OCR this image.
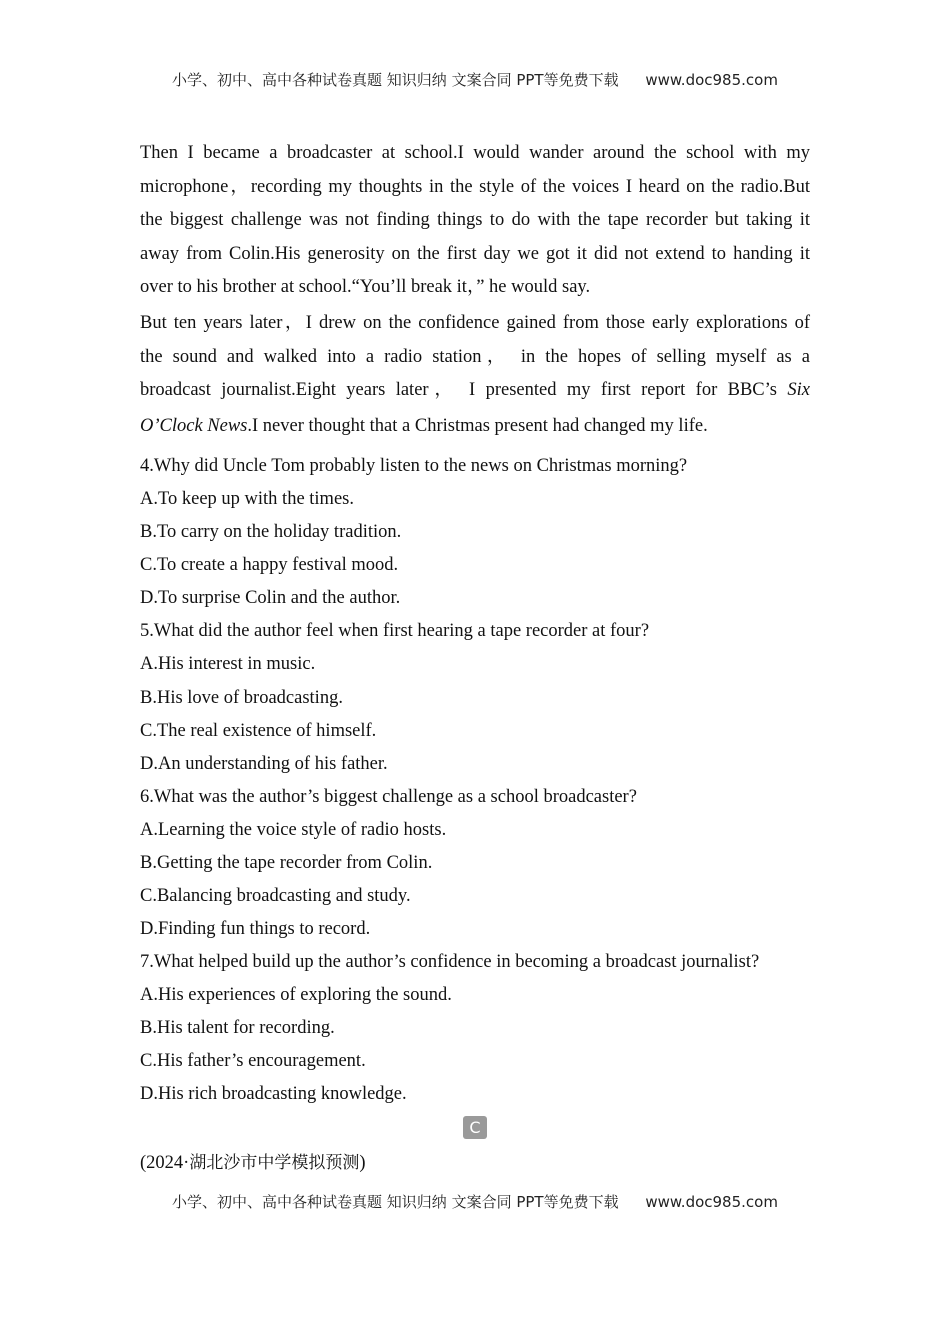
小学、初中、高中各种试卷真题 知识归纳 文案合同 PPT等免费下载 www.doc985.com
Then I became a broadcaster at school.I would wander around the school with my
microphone，recording my thoughts in the style of the voices I heard on the radio.But
the biggest challenge was not finding things to do with the tape recorder but taking it
away from Colin.His generosity on the first day we got it did not extend to handing it
over to his brother at school.“You’ll break it，” he would say.
But ten years later，I drew on the confidence gained from those early explorations of
the sound and walked into a radio station， in the hopes of selling myself as a
broadcast journalist.Eight years later， I presented my first report for BBC’s Six
O’Clock News.I never thought that a Christmas present had changed my life.
4.Why did Uncle Tom probably listen to the news on Christmas morning?
A.To keep up with the times.
B.To carry on the holiday tradition.
C.To create a happy festival mood.
D.To surprise Colin and the author.
5.What did the author feel when first hearing a tape recorder at four?
A.His interest in music.
B.His love of broadcasting.
C.The real existence of himself.
D.An understanding of his father.
6.What was the author’s biggest challenge as a school broadcaster?
A.Learning the voice style of radio hosts.
B.Getting the tape recorder from Colin.
C.Balancing broadcasting and study.
D.Finding fun things to record.
7.What helped build up the author’s confidence in becoming a broadcast journalist?
A.His experiences of exploring the sound.
B.His talent for recording.
C.His father’s encouragement.
D.His rich broadcasting knowledge.
C
(2024·湖北沙市中学模拟预测)
小学、初中、高中各种试卷真题 知识归纳 文案合同 PPT等免费下载 www.doc985.com
